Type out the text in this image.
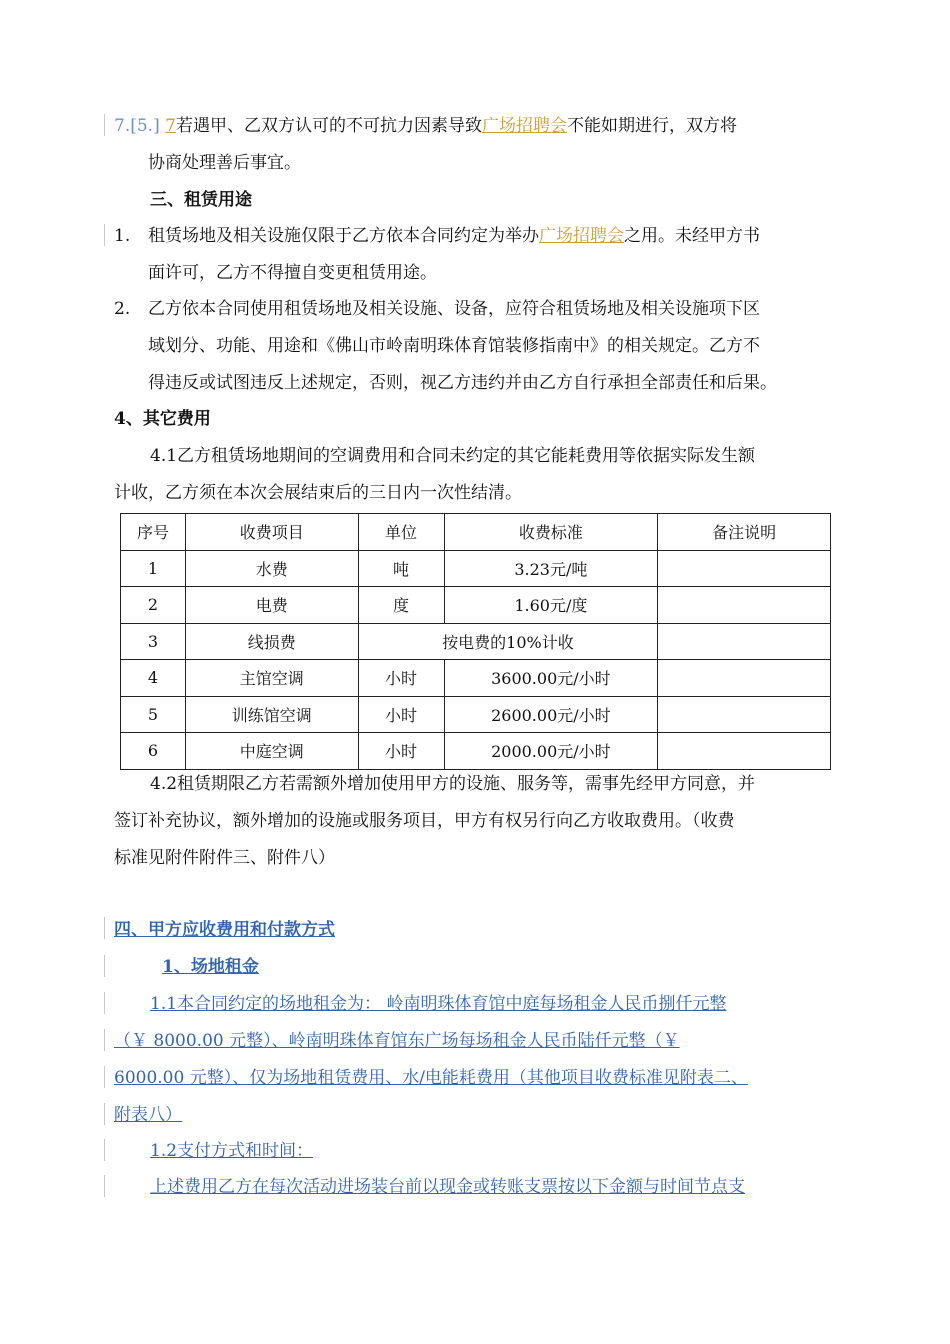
7.[5.] 7若遇甲、乙双方认可的不可抗力因素导致广场招聘会不能如期进行，双方将
协商处理善后事宜。
三、租赁用途
1. 租赁场地及相关设施仅限于乙方依本合同约定为举办广场招聘会之用。未经甲方书
面许可，乙方不得擅自变更租赁用途。
2. 乙方依本合同使用租赁场地及相关设施、设备，应符合租赁场地及相关设施项下区
域划分、功能、用途和《佛山市岭南明珠体育馆装修指南中》的相关规定。乙方不
得违反或试图违反上述规定，否则，视乙方违约并由乙方自行承担全部责任和后果。
4、其它费用
4.1乙方租赁场地期间的空调费用和合同未约定的其它能耗费用等依据实际发生额
计收，乙方须在本次会展结束后的三日内一次性结清。
序号	收费项目	单位	收费标准	备注说明
1	水费	吨	3.23元/吨	
2	电费	度	1.60元/度	
3	线损费	按电费的10%计收		
4	主馆空调	小时	3600.00元/小时	
5	训练馆空调	小时	2600.00元/小时	
6	中庭空调	小时	2000.00元/小时	
4.2租赁期限乙方若需额外增加使用甲方的设施、服务等，需事先经甲方同意，并
签订补充协议，额外增加的设施或服务项目，甲方有权另行向乙方收取费用。（收费
标准见附件附件三、附件八）
四、甲方应收费用和付款方式
1、场地租金
1.1本合同约定的场地租金为： 岭南明珠体育馆中庭每场租金人民币捌仟元整
（￥ 8000.00 元整）、岭南明珠体育馆东广场每场租金人民币陆仟元整（￥
6000.00 元整）、仅为场地租赁费用、水/电能耗费用（其他项目收费标准见附表二、
附表八）
1.2支付方式和时间：
上述费用乙方在每次活动进场装台前以现金或转账支票按以下金额与时间节点支
